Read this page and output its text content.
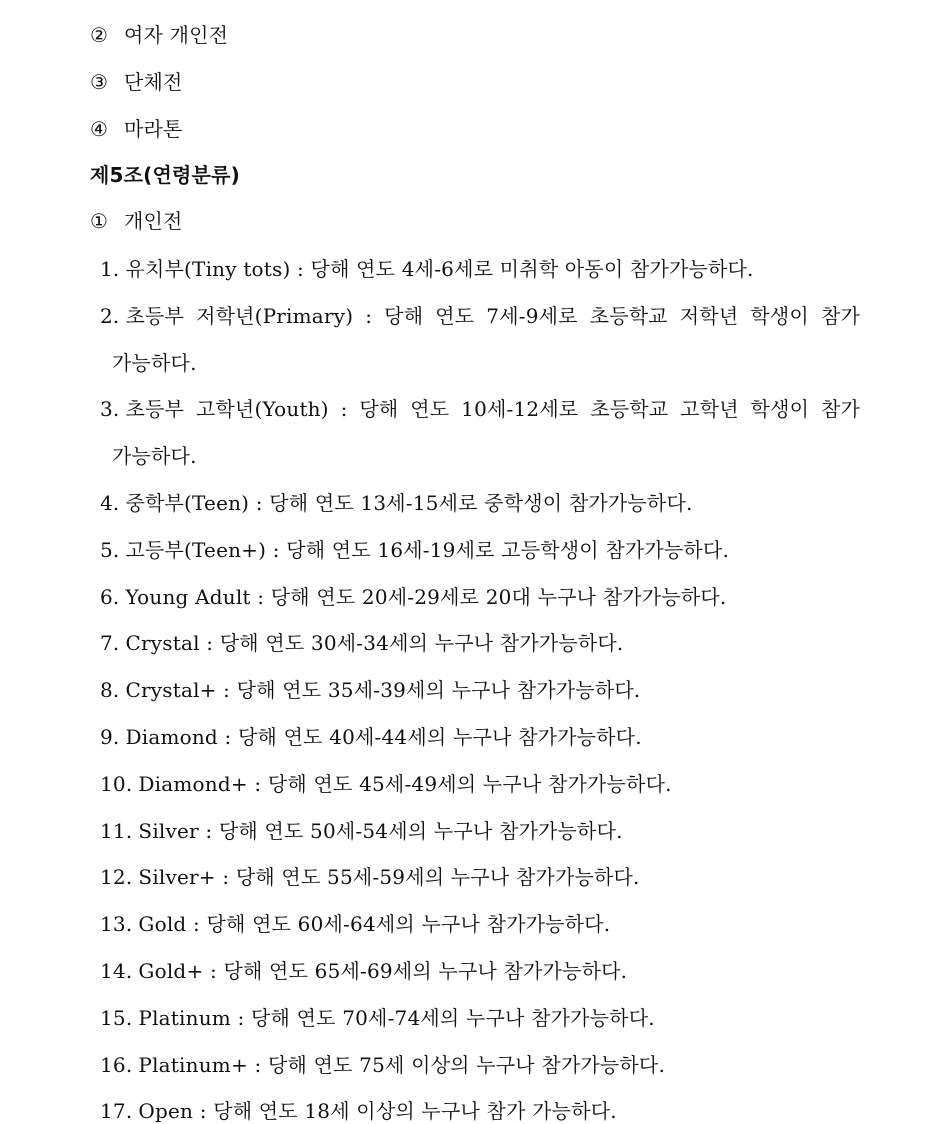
② 여자 개인전
③ 단체전
④ 마라톤
제5조(연령분류)
① 개인전
1. 유치부(Tiny tots) : 당해 연도 4세-6세로 미취학 아동이 참가가능하다.
2. 초등부 저학년(Primary) : 당해 연도 7세-9세로 초등학교 저학년 학생이 참가
가능하다.
3. 초등부 고학년(Youth) : 당해 연도 10세-12세로 초등학교 고학년 학생이 참가
가능하다.
4. 중학부(Teen) : 당해 연도 13세-15세로 중학생이 참가가능하다.
5. 고등부(Teen+) : 당해 연도 16세-19세로 고등학생이 참가가능하다.
6. Young Adult : 당해 연도 20세-29세로 20대 누구나 참가가능하다.
7. Crystal : 당해 연도 30세-34세의 누구나 참가가능하다.
8. Crystal+ : 당해 연도 35세-39세의 누구나 참가가능하다.
9. Diamond : 당해 연도 40세-44세의 누구나 참가가능하다.
10. Diamond+ : 당해 연도 45세-49세의 누구나 참가가능하다.
11. Silver : 당해 연도 50세-54세의 누구나 참가가능하다.
12. Silver+ : 당해 연도 55세-59세의 누구나 참가가능하다.
13. Gold : 당해 연도 60세-64세의 누구나 참가가능하다.
14. Gold+ : 당해 연도 65세-69세의 누구나 참가가능하다.
15. Platinum : 당해 연도 70세-74세의 누구나 참가가능하다.
16. Platinum+ : 당해 연도 75세 이상의 누구나 참가가능하다.
17. Open : 당해 연도 18세 이상의 누구나 참가 가능하다.
